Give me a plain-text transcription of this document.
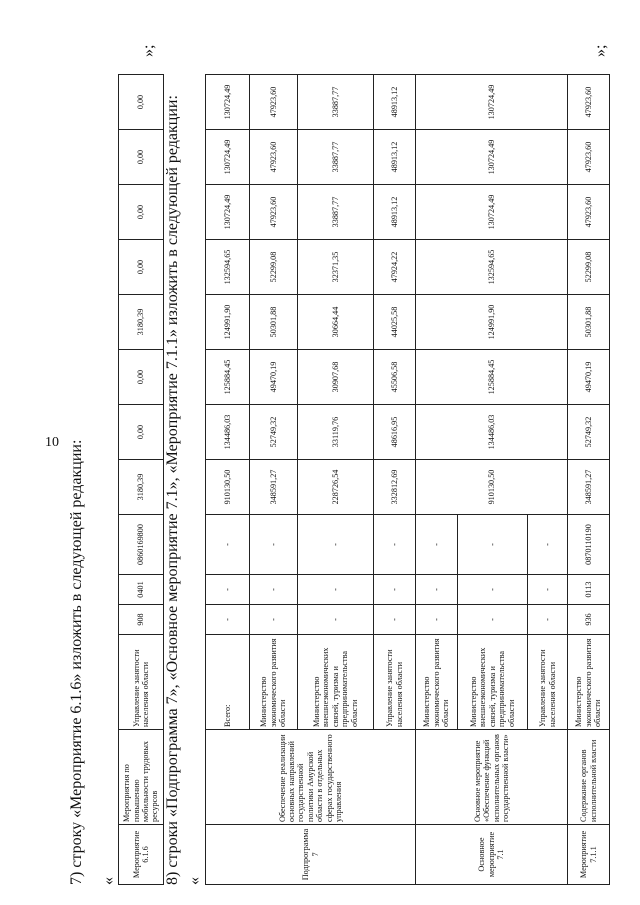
10 7) строку «Мероприятие 6.1.6» изложить в следующей редакции: «
»;
Мероприятие 6.1.6	Мероприятия по повышению мобильности трудовых ресурсов	Управление занятости населения области	908	0401	0860169800	3180,39	0,00	0,00	3180,39	0,00	0,00	0,00	0,00 8) строки «Подпрограмма 7», «Основное мероприятие 7.1», «Мероприятие 7.1.1» изложить в следующей редакции: «
»;
Подпрограмма 7	Обеспечение реализации основных направлений государственной политики Амурской области в отдельных сферах государственного управления	Всего:	-	-	-	910130,50	134486,03	125884,45	124991,90	132594,65	130724,49	130724,49	130724,49
		Министерство экономического развития области	-	-	-	348591,27	52749,32	49470,19	50301,88	52299,08	47923,60	47923,60	47923,60
		Министерство внешнеэкономических связей, туризма и предпринимательства области	-	-	-	228726,54	33119,76	30907,68	30664,44	32371,35	33887,77	33887,77	33887,77
		Управление занятости населения области	-	-	-	332812,69	48616,95	45506,58	44025,58	47924,22	48913,12	48913,12	48913,12
Основное мероприятие 7.1	Основное мероприятие «Обеспечение функций исполнительных органов государственной власти»	Министерство экономического развития области	-	-	-	910130,50	134486,03	125884,45	124991,90	132594,65	130724,49	130724,49	130724,49
		Министерство внешнеэкономических связей, туризма и предпринимательства области	-	-	-								
		Управление занятости населения области	-	-	-								
Мероприятие 7.1.1	Содержание органов исполнительной власти	Министерство экономического развития области	936	0113	0870110190	348591,27	52749,32	49470,19	50301,88	52299,08	47923,60	47923,60	47923,60
